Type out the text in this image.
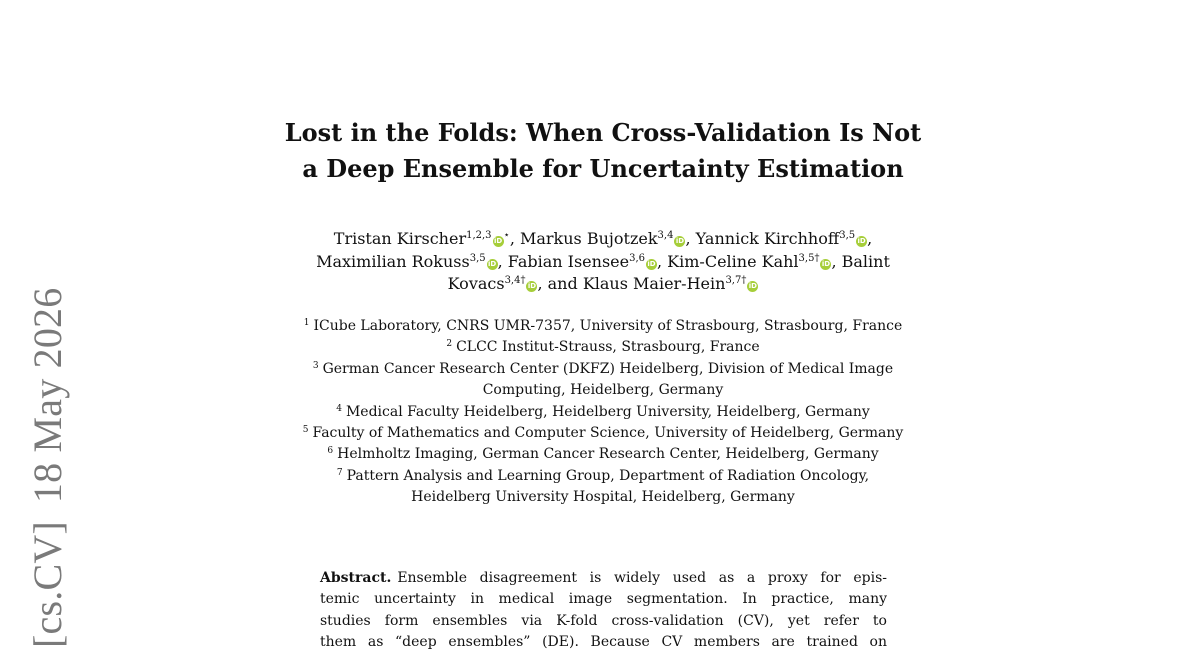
[cs.CV]18 May 2026
Lost in the Folds: When Cross-Validation Is Not
a Deep Ensemble for Uncertainty Estimation
Tristan Kirscher$^{1,2,3}$ iD⋆, Markus Bujotzek$^{3,4}$ iD, Yannick Kirchhoff$^{3,5}$ iD,
Maximilian Rokuss$^{3,5}$ iD, Fabian Isensee$^{3,6}$ iD, Kim-Celine Kahl$^{3,5\dagger}$ iD, Balint
Kovacs$^{3,4\dagger}$ iD, and Klaus Maier-Hein$^{3,7\dagger}$ iD
$^1$ ICube Laboratory, CNRS UMR-7357, University of Strasbourg, Strasbourg, France
$^2$ CLCC Institut-Strauss, Strasbourg, France
$^3$ German Cancer Research Center (DKFZ) Heidelberg, Division of Medical Image
Computing, Heidelberg, Germany
$^4$ Medical Faculty Heidelberg, Heidelberg University, Heidelberg, Germany
$^5$ Faculty of Mathematics and Computer Science, University of Heidelberg, Germany
$^6$ Helmholtz Imaging, German Cancer Research Center, Heidelberg, Germany
$^7$ Pattern Analysis and Learning Group, Department of Radiation Oncology,
Heidelberg University Hospital, Heidelberg, Germany
Abstract. Ensemble disagreement is widely used as a proxy for epis-
temic uncertainty in medical image segmentation. In practice, many
studies form ensembles via K-fold cross-validation (CV), yet refer to
them as “deep ensembles” (DE). Because CV members are trained on
